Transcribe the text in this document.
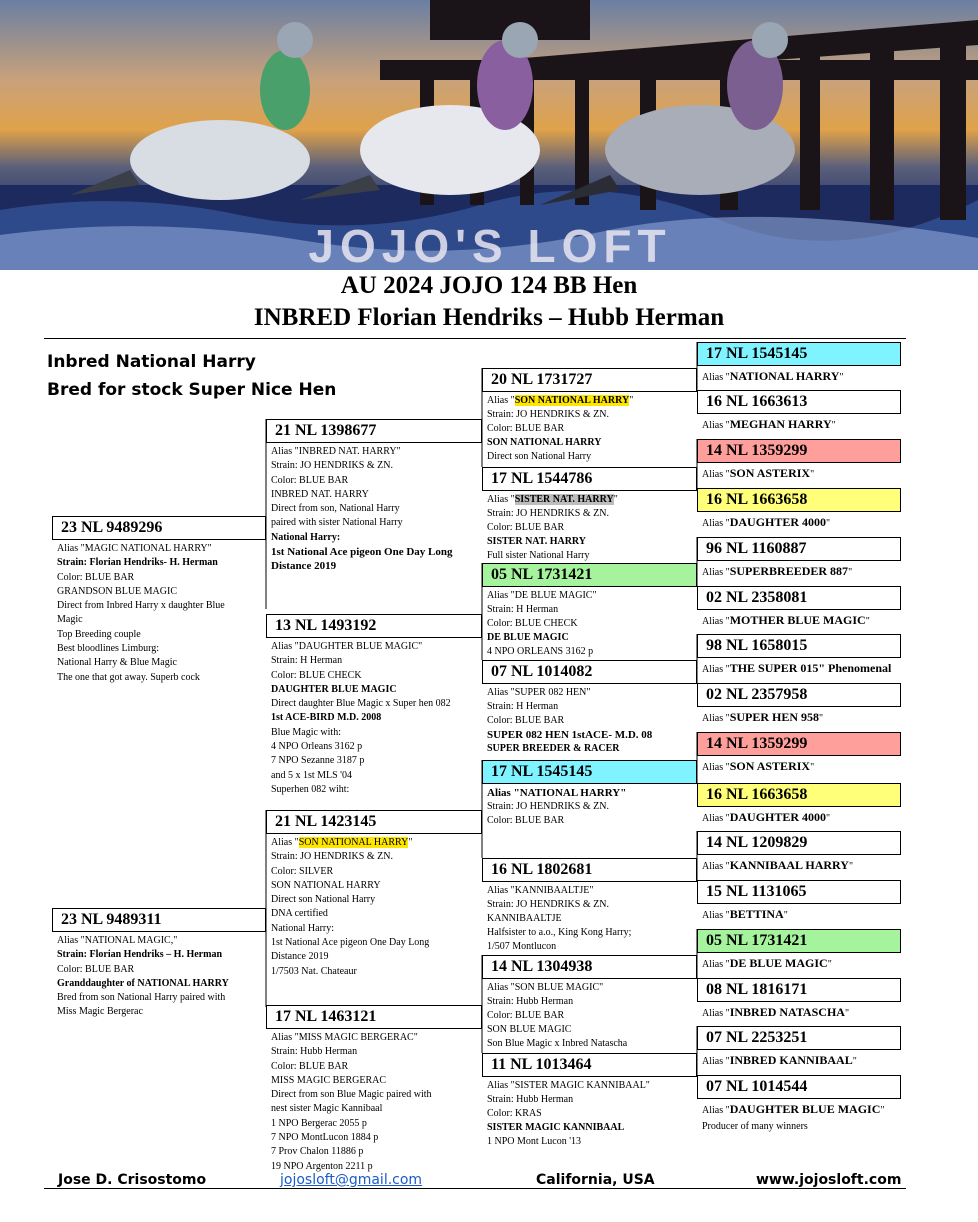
JOJO'S LOFT
AU 2024 JOJO 124 BB Hen
INBRED Florian Hendriks – Hubb Herman
Inbred National Harry
Bred for stock Super Nice Hen
23 NL 9489296
Alias "MAGIC NATIONAL HARRY"
Strain: Florian Hendriks- H. Herman
Color: BLUE BAR
GRANDSON BLUE MAGIC
Direct from Inbred Harry x daughter Blue
Magic
Top Breeding couple
Best bloodlines Limburg:
National Harry & Blue Magic
The one that got away. Superb cock
23 NL 9489311
Alias "NATIONAL MAGIC,"
Strain: Florian Hendriks – H. Herman
Color: BLUE BAR
Granddaughter of NATIONAL HARRY
Bred from son National Harry paired with
Miss Magic Bergerac
21 NL 1398677
Alias "INBRED NAT. HARRY"
Strain: JO HENDRIKS & ZN.
Color: BLUE BAR
INBRED NAT. HARRY
Direct from son, National Harry
paired with sister National Harry
National Harry:
1st National Ace pigeon One Day Long
Distance 2019
13 NL 1493192
Alias "DAUGHTER BLUE MAGIC"
Strain: H Herman
Color: BLUE CHECK
DAUGHTER BLUE MAGIC
Direct daughter Blue Magic x Super hen 082
1st ACE-BIRD M.D. 2008
Blue Magic with:
4 NPO Orleans 3162 p
7 NPO Sezanne 3187 p
and 5 x 1st MLS '04
Superhen 082 wiht:
21 NL 1423145
Alias "SON NATIONAL HARRY"
Strain: JO HENDRIKS & ZN.
Color: SILVER
SON NATIONAL HARRY
Direct son National Harry
DNA certified
National Harry:
1st National Ace pigeon One Day Long
Distance 2019
1/7503 Nat. Chateaur
17 NL 1463121
Alias "MISS MAGIC BERGERAC"
Strain: Hubb Herman
Color: BLUE BAR
MISS MAGIC BERGERAC
Direct from son Blue Magic paired with
nest sister Magic Kannibaal
1 NPO Bergerac 2055 p
7 NPO MontLucon 1884 p
7 Prov Chalon 11886 p
19 NPO Argenton 2211 p
20 NL 1731727
Alias "SON NATIONAL HARRY"
Strain: JO HENDRIKS & ZN.
Color: BLUE BAR
SON NATIONAL HARRY
Direct son National Harry
17 NL 1544786
Alias "SISTER NAT. HARRY"
Strain: JO HENDRIKS & ZN.
Color: BLUE BAR
SISTER NAT. HARRY
Full sister National Harry
05 NL 1731421
Alias "DE BLUE MAGIC"
Strain: H Herman
Color: BLUE CHECK
DE BLUE MAGIC
4 NPO ORLEANS 3162 p
07 NL 1014082
Alias "SUPER 082 HEN"
Strain: H Herman
Color: BLUE BAR
SUPER 082 HEN 1stACE- M.D. 08
SUPER BREEDER & RACER
17 NL 1545145
Alias "NATIONAL HARRY"
Strain: JO HENDRIKS & ZN.
Color: BLUE BAR
16 NL 1802681
Alias "KANNIBAALTJE"
Strain: JO HENDRIKS & ZN.
KANNIBAALTJE
Halfsister to a.o., King Kong Harry;
1/507 Montlucon
14 NL 1304938
Alias "SON BLUE MAGIC"
Strain: Hubb Herman
Color: BLUE BAR
SON BLUE MAGIC
Son Blue Magic x Inbred Natascha
11 NL 1013464
Alias "SISTER MAGIC KANNIBAAL"
Strain: Hubb Herman
Color: KRAS
SISTER MAGIC KANNIBAAL
1 NPO Mont Lucon '13
17 NL 1545145
Alias "NATIONAL HARRY"
16 NL 1663613
Alias "MEGHAN HARRY"
14 NL 1359299
Alias "SON ASTERIX"
16 NL 1663658
Alias "DAUGHTER 4000"
96 NL 1160887
Alias "SUPERBREEDER 887"
02 NL 2358081
Alias "MOTHER BLUE MAGIC"
98 NL 1658015
Alias "THE SUPER 015" Phenomenal
02 NL 2357958
Alias "SUPER HEN 958"
14 NL 1359299
Alias "SON ASTERIX"
16 NL 1663658
Alias "DAUGHTER 4000"
14 NL 1209829
Alias "KANNIBAAL HARRY"
15 NL 1131065
Alias "BETTINA"
05 NL 1731421
Alias "DE BLUE MAGIC"
08 NL 1816171
Alias "INBRED NATASCHA"
07 NL 2253251
Alias "INBRED KANNIBAAL"
07 NL 1014544
Alias "DAUGHTER BLUE MAGIC"
Producer of many winners
Jose D. Crisostomo	jojosloft@gmail.com	California, USA	www.jojosloft.com
